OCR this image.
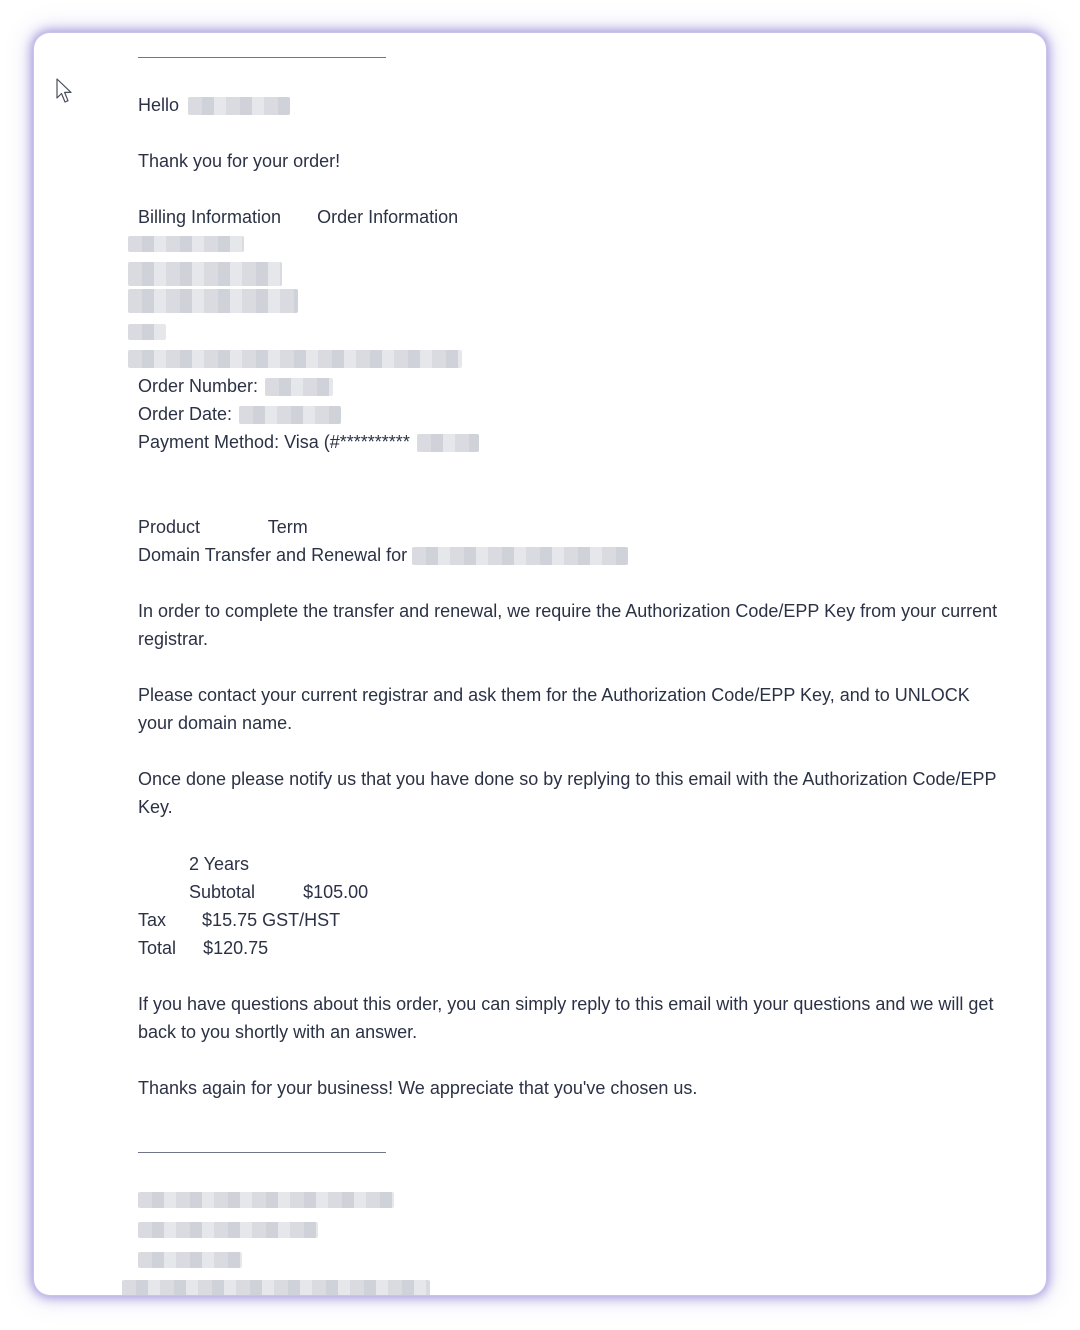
Hello
Thank you for your order!
Billing Information Order Information
Order Number:
Order Date:
Payment Method: Visa (#**********
Product	Term
Domain Transfer and Renewal for
In order to complete the transfer and renewal, we require the Authorization Code/EPP Key from your current registrar.
Please contact your current registrar and ask them for the Authorization Code/EPP Key, and to UNLOCK your domain name.
Once done please notify us that you have done so by replying to this email with the Authorization Code/EPP Key.
2 Years
Subtotal	$105.00
Tax $15.75 GST/HST
Total $120.75
If you have questions about this order, you can simply reply to this email with your questions and we will get back to you shortly with an answer.
Thanks again for your business! We appreciate that you've chosen us.
